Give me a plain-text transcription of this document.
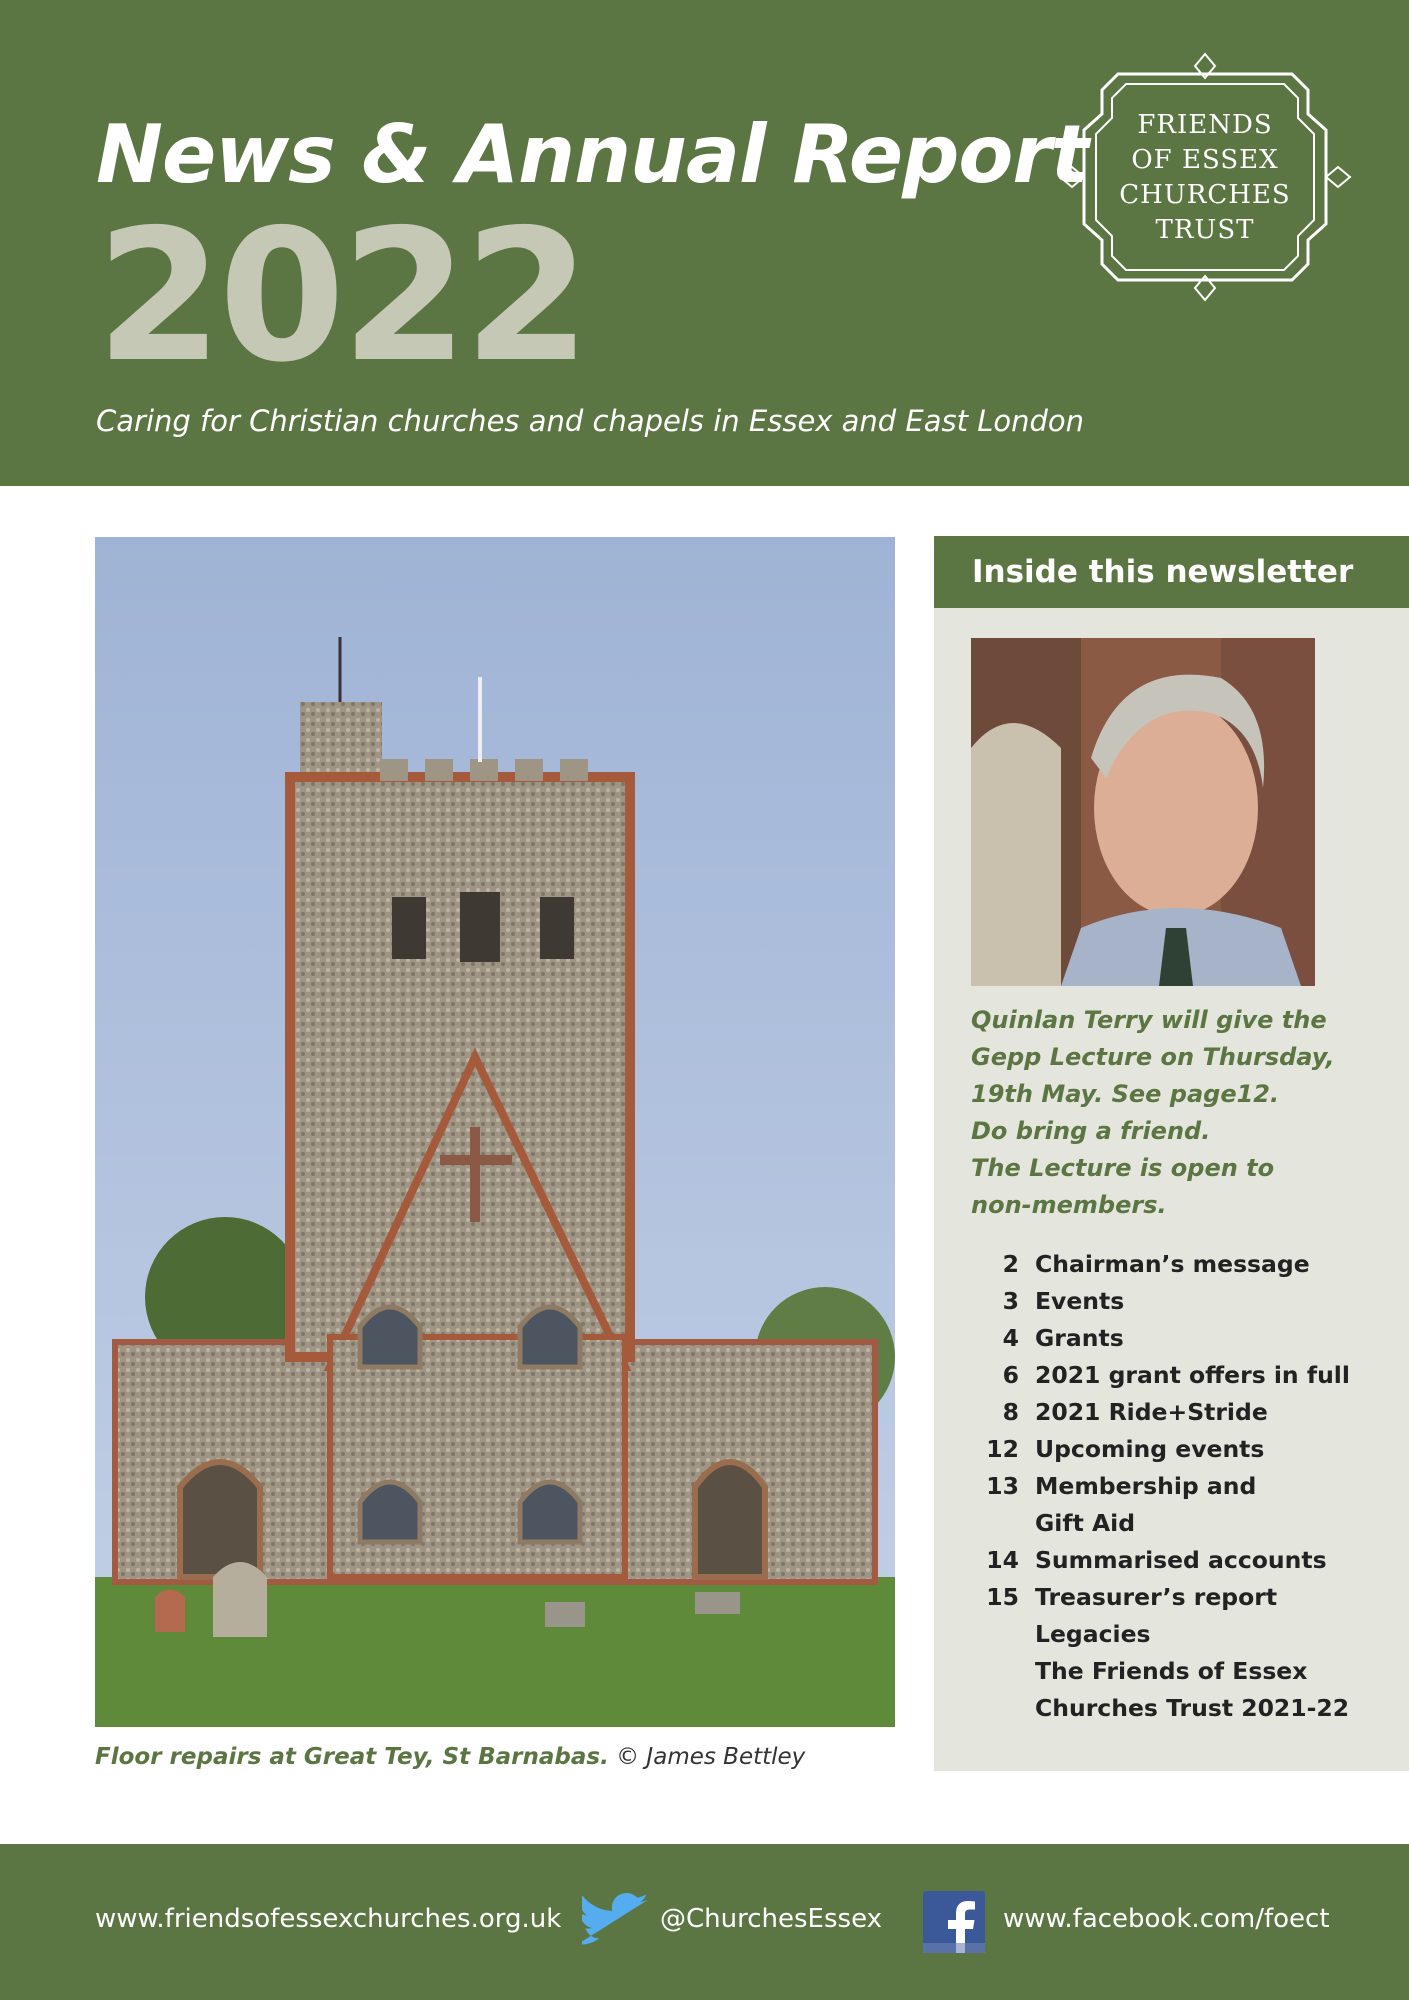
News & Annual Report
2022
Caring for Christian churches and chapels in Essex and East London
FRIENDS
OF ESSEX
CHURCHES
TRUST
Floor repairs at Great Tey, St Barnabas. © James Bettley
Inside this newsletter
Quinlan Terry will give the
Gepp Lecture on Thursday,
19th May. See page12.
Do bring a friend.
The Lecture is open to
non-members.
2 Chairman’s message
3 Events
4 Grants
6 2021 grant offers in full
8 2021 Ride+Stride
12 Upcoming events
13 Membership and
Gift Aid
14 Summarised accounts
15 Treasurer’s report
Legacies
The Friends of Essex
Churches Trust 2021-22
www.friendsofessexchurches.org.uk	@ChurchesEssex	www.facebook.com/foect
